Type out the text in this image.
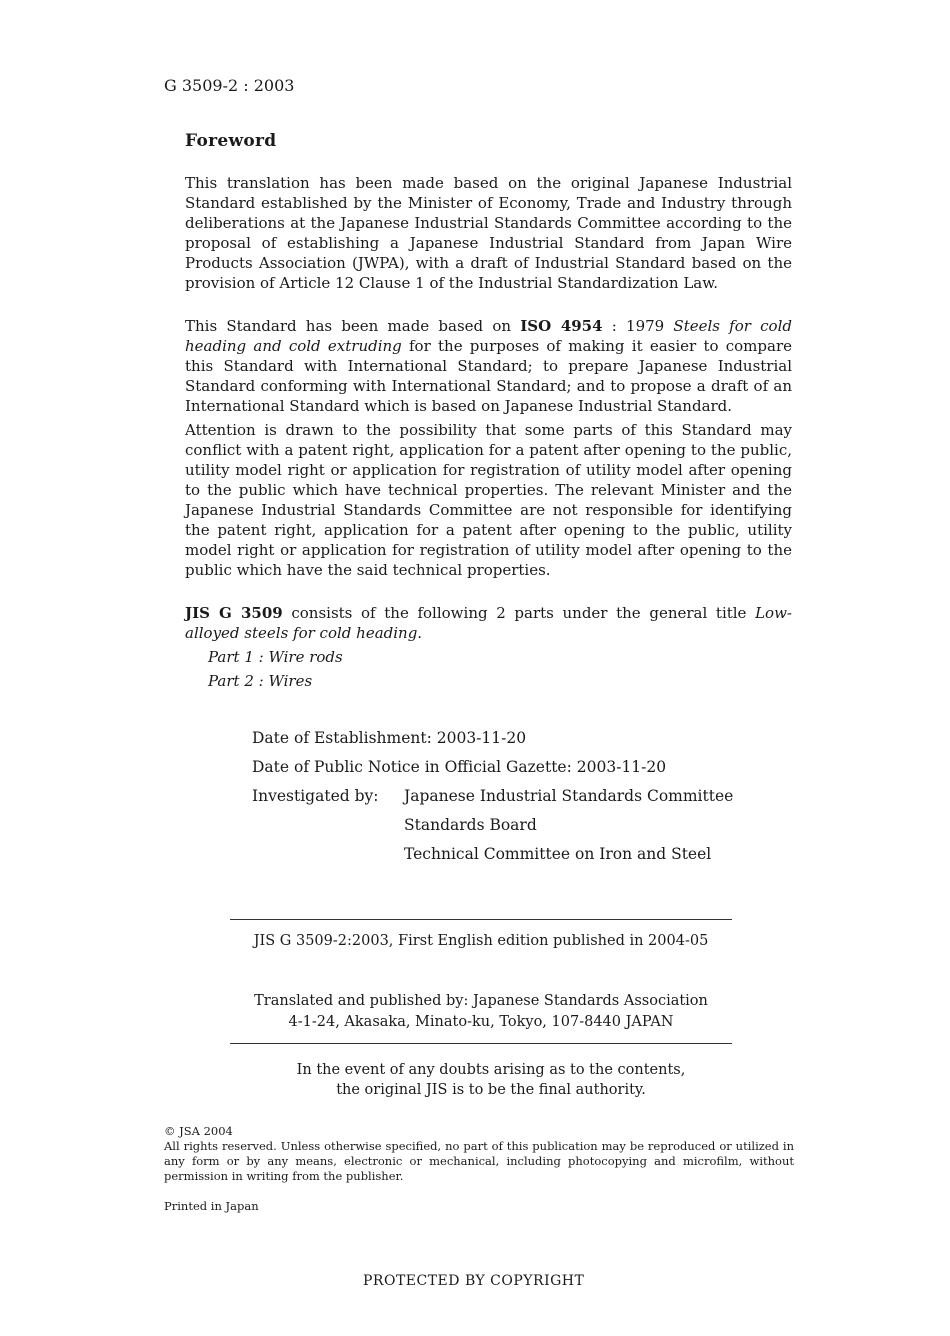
G 3509-2 : 2003
Foreword
This translation has been made based on the original Japanese Industrial Standard established by the Minister of Economy, Trade and Industry through deliberations at the Japanese Industrial Standards Committee according to the proposal of establishing a Japanese Industrial Standard from Japan Wire Products Association (JWPA), with a draft of Industrial Standard based on the provision of Article 12 Clause 1 of the Industrial Standardization Law.
This Standard has been made based on ISO 4954 : 1979 Steels for cold heading and cold extruding for the purposes of making it easier to compare this Standard with International Standard; to prepare Japanese Industrial Standard conforming with International Standard; and to propose a draft of an International Standard which is based on Japanese Industrial Standard.
Attention is drawn to the possibility that some parts of this Standard may conflict with a patent right, application for a patent after opening to the public, utility model right or application for registration of utility model after opening to the public which have technical properties. The relevant Minister and the Japanese Industrial Standards Committee are not responsible for identifying the patent right, application for a patent after opening to the public, utility model right or application for registration of utility model after opening to the public which have the said technical properties.
JIS G 3509 consists of the following 2 parts under the general title Low-alloyed steels for cold heading.
Part 1 : Wire rods
Part 2 : Wires
Date of Establishment: 2003-11-20
Date of Public Notice in Official Gazette: 2003-11-20
Investigated by: Japanese Industrial Standards Committee
Standards Board
Technical Committee on Iron and Steel
JIS G 3509-2:2003, First English edition published in 2004-05
Translated and published by: Japanese Standards Association
4-1-24, Akasaka, Minato-ku, Tokyo, 107-8440 JAPAN
In the event of any doubts arising as to the contents,
the original JIS is to be the final authority.
© JSA 2004
All rights reserved. Unless otherwise specified, no part of this publication may be reproduced or utilized in any form or by any means, electronic or mechanical, including photocopying and microfilm, without permission in writing from the publisher.
Printed in Japan
PROTECTED BY COPYRIGHT
